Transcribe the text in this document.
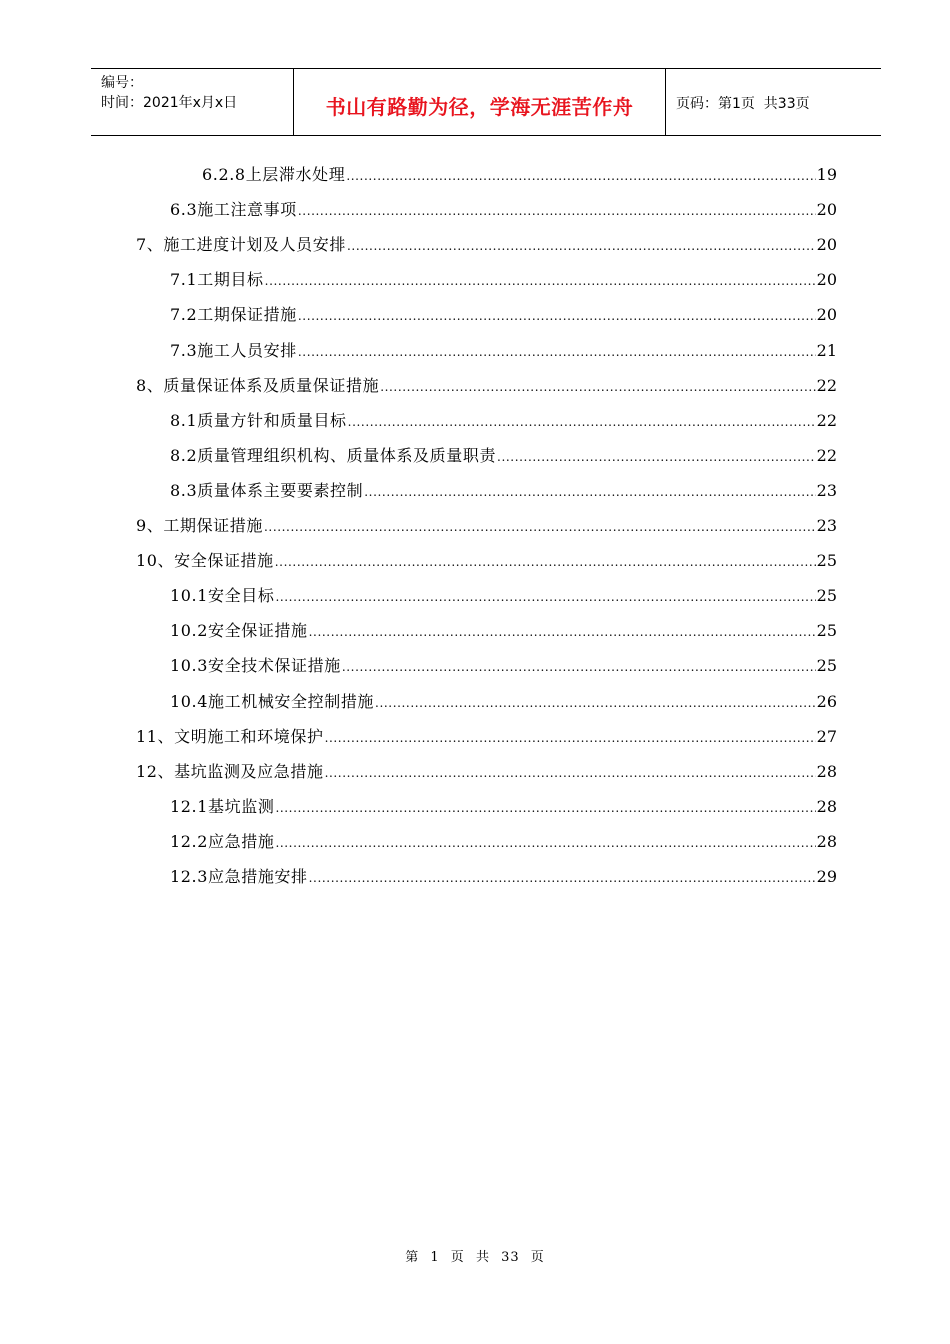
编号：
时间：2021年x月x日	书山有路勤为径，学海无涯苦作舟	页码：第1页  共33页
6.2.8上层滞水处理 .....	19
6.3施工注意事项 .....	20
7、施工进度计划及人员安排 .....	20
7.1工期目标 .....	20
7.2工期保证措施 .....	20
7.3施工人员安排 .....	21
8、质量保证体系及质量保证措施 .....	22
8.1质量方针和质量目标 .....	22
8.2质量管理组织机构、质量体系及质量职责 .....	22
8.3质量体系主要要素控制 .....	23
9、工期保证措施 .....	23
10、安全保证措施 .....	25
10.1安全目标 .....	25
10.2安全保证措施 .....	25
10.3安全技术保证措施 .....	25
10.4施工机械安全控制措施 .....	26
11、文明施工和环境保护 .....	27
12、基坑监测及应急措施 .....	28
12.1基坑监测 .....	28
12.2应急措施 .....	28
12.3应急措施安排 .....	29
第 1 页 共 33 页
